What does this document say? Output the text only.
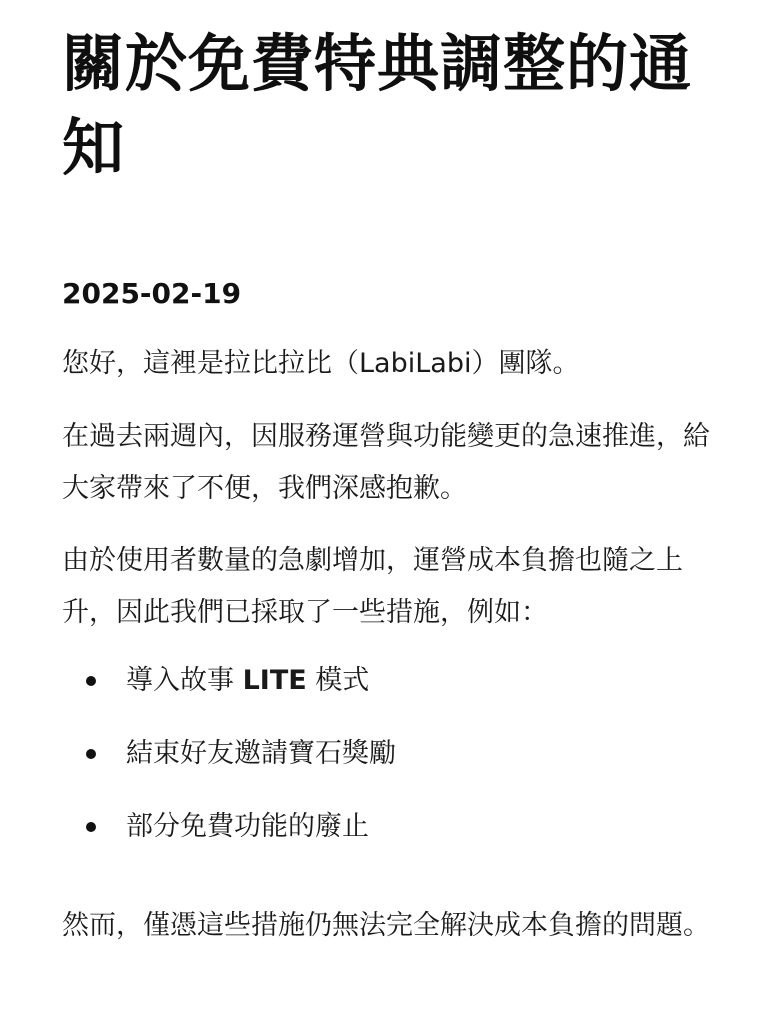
關於免費特典調整的通知
2025-02-19

您好，這裡是拉比拉比（LabiLabi）團隊。

在過去兩週內，因服務運營與功能變更的急速推進，給大家帶來了不便，我們深感抱歉。

由於使用者數量的急劇增加，運營成本負擔也隨之上升，因此我們已採取了一些措施，例如：

導入故事 LITE 模式
結束好友邀請寶石獎勵
部分免費功能的廢止

然而，僅憑這些措施仍無法完全解決成本負擔的問題。
